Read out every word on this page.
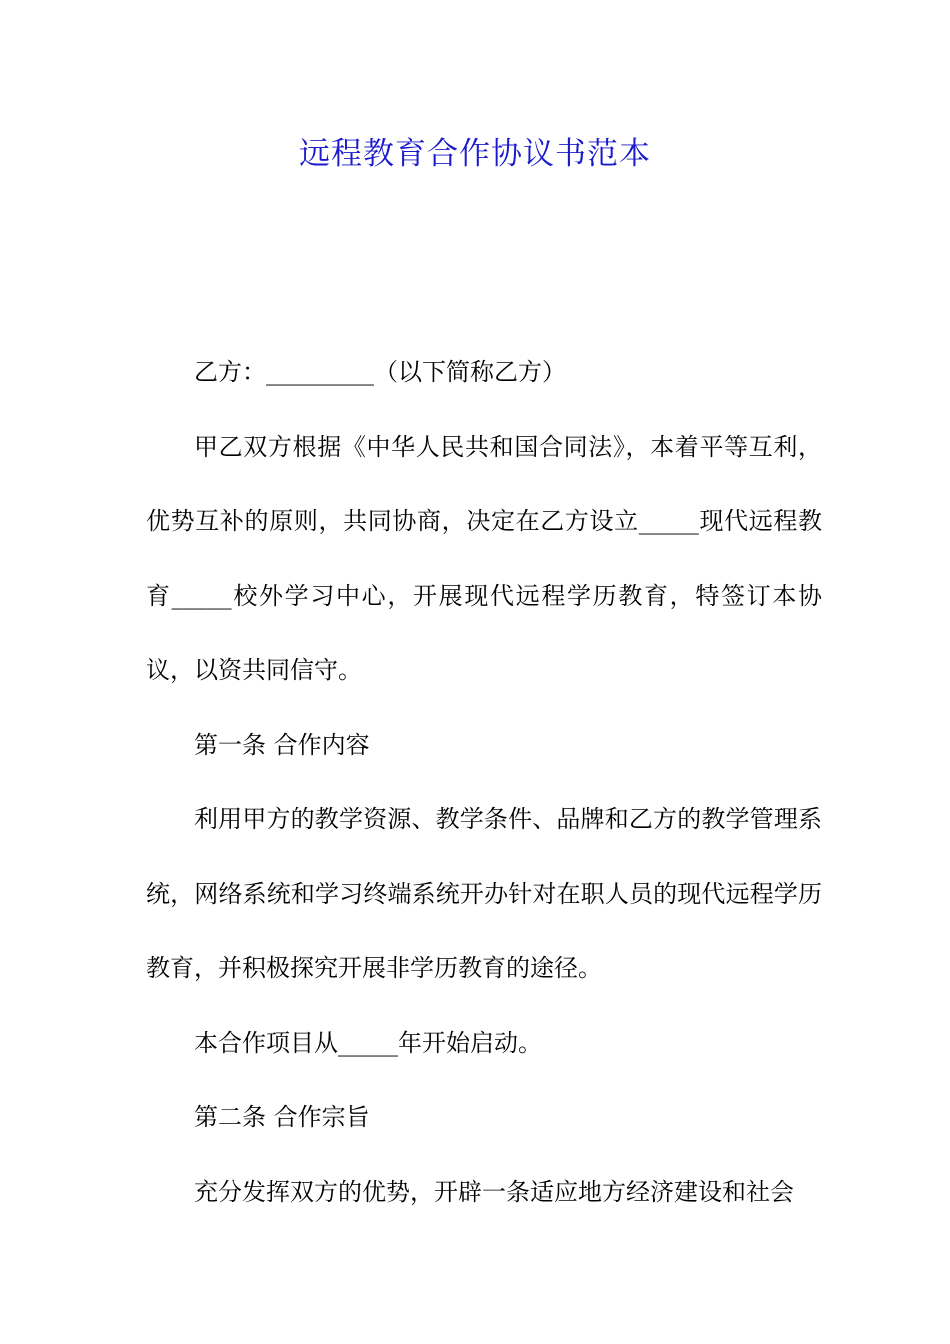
远程教育合作协议书范本

乙方：_________（以下简称乙方）

甲乙双方根据《中华人民共和国合同法》，本着平等互利，优势互补的原则，共同协商，决定在乙方设立_____现代远程教育_____校外学习中心，开展现代远程学历教育，特签订本协议，以资共同信守。

第一条 合作内容

利用甲方的教学资源、教学条件、品牌和乙方的教学管理系统，网络系统和学习终端系统开办针对在职人员的现代远程学历教育，并积极探究开展非学历教育的途径。

本合作项目从_____年开始启动。

第二条 合作宗旨

充分发挥双方的优势，开辟一条适应地方经济建设和社会
